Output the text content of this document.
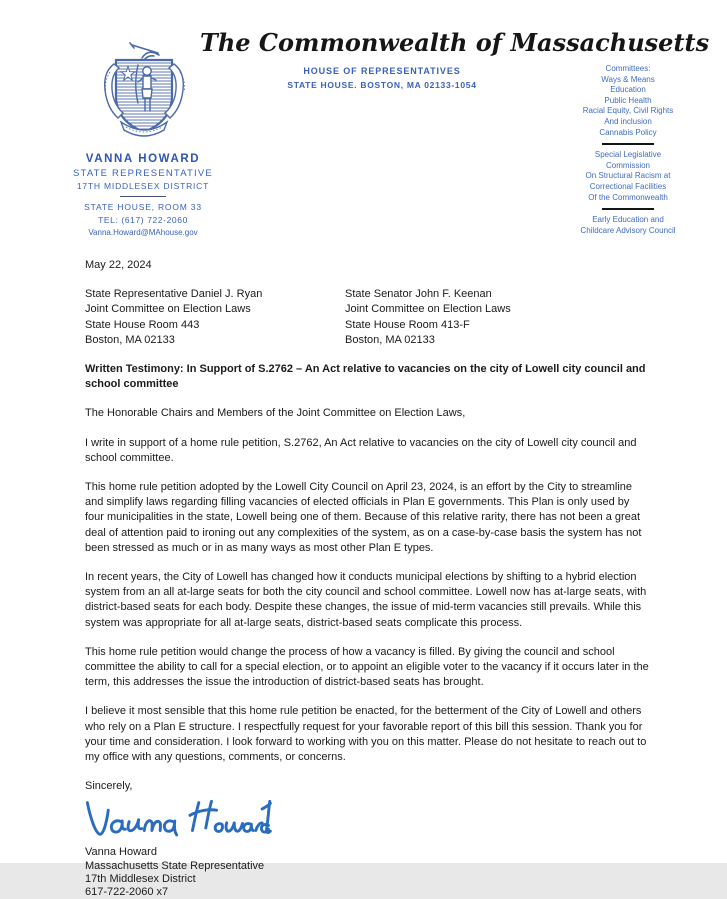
The Commonwealth of Massachusetts
HOUSE OF REPRESENTATIVES
STATE HOUSE. BOSTON, MA 02133-1054
Committees:
Ways & Means
Education
Public Health
Racial Equity, Civil Rights
And inclusion
Cannabis Policy
Special Legislative
Commission
On Structural Racism at
Correctional Facilities
Of the Commonwealth
Early Education and
Childcare Advisory Council
VANNA HOWARD
STATE REPRESENTATIVE
17TH MIDDLESEX DISTRICT
STATE HOUSE, ROOM 33
TEL: (617) 722-2060
Vanna.Howard@MAhouse.gov

May 22, 2024

State Representative Daniel J. Ryan
Joint Committee on Election Laws
State House Room 443
Boston, MA 02133
State Senator John F. Keenan
Joint Committee on Election Laws
State House Room 413-F
Boston, MA 02133

Written Testimony: In Support of S.2762 – An Act relative to vacancies on the city of Lowell city council and school committee

The Honorable Chairs and Members of the Joint Committee on Election Laws,

I write in support of a home rule petition, S.2762, An Act relative to vacancies on the city of Lowell city council and school committee.

This home rule petition adopted by the Lowell City Council on April 23, 2024, is an effort by the City to streamline and simplify laws regarding filling vacancies of elected officials in Plan E governments. This Plan is only used by four municipalities in the state, Lowell being one of them. Because of this relative rarity, there has not been a great deal of attention paid to ironing out any complexities of the system, as on a case-by-case basis the system has not been stressed as much or in as many ways as most other Plan E types.

In recent years, the City of Lowell has changed how it conducts municipal elections by shifting to a hybrid election system from an all at-large seats for both the city council and school committee. Lowell now has at-large seats, with district-based seats for each body. Despite these changes, the issue of mid-term vacancies still prevails. While this system was appropriate for all at-large seats, district-based seats complicate this process.

This home rule petition would change the process of how a vacancy is filled. By giving the council and school committee the ability to call for a special election, or to appoint an eligible voter to the vacancy if it occurs later in the term, this addresses the issue the introduction of district-based seats has brought.

I believe it most sensible that this home rule petition be enacted, for the betterment of the City of Lowell and others who rely on a Plan E structure. I respectfully request for your favorable report of this bill this session. Thank you for your time and consideration. I look forward to working with you on this matter. Please do not hesitate to reach out to my office with any questions, comments, or concerns.

Sincerely,

Vanna Howard
Massachusetts State Representative
17th Middlesex District
617-722-2060 x7
